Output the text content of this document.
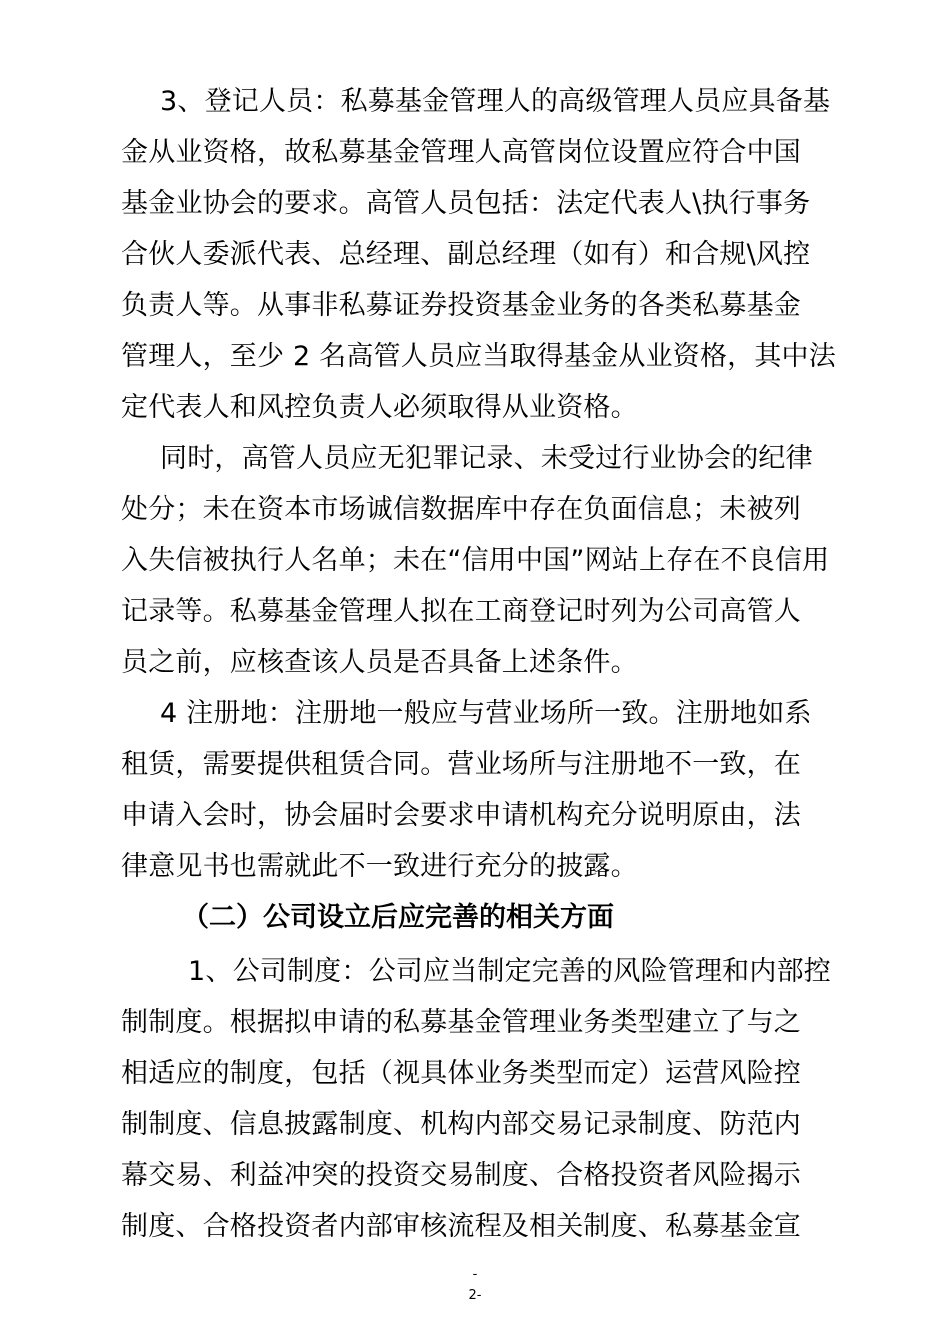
3、登记人员：私募基金管理人的高级管理人员应具备基
金从业资格，故私募基金管理人高管岗位设置应符合中国
基金业协会的要求。高管人员包括：法定代表人\执行事务
合伙人委派代表、总经理、副总经理（如有）和合规\风控
负责人等。从事非私募证券投资基金业务的各类私募基金
管理人，至少 2 名高管人员应当取得基金从业资格，其中法
定代表人和风控负责人必须取得从业资格。
同时，高管人员应无犯罪记录、未受过行业协会的纪律
处分；未在资本市场诚信数据库中存在负面信息；未被列
入失信被执行人名单；未在“信用中国”网站上存在不良信用
记录等。私募基金管理人拟在工商登记时列为公司高管人
员之前，应核查该人员是否具备上述条件。
4 注册地：注册地一般应与营业场所一致。注册地如系
租赁，需要提供租赁合同。营业场所与注册地不一致，在
申请入会时，协会届时会要求申请机构充分说明原由，法
律意见书也需就此不一致进行充分的披露。
（二）公司设立后应完善的相关方面
1、公司制度：公司应当制定完善的风险管理和内部控
制制度。根据拟申请的私募基金管理业务类型建立了与之
相适应的制度，包括（视具体业务类型而定）运营风险控
制制度、信息披露制度、机构内部交易记录制度、防范内
幕交易、利益冲突的投资交易制度、合格投资者风险揭示
制度、合格投资者内部审核流程及相关制度、私募基金宣
-
2-
